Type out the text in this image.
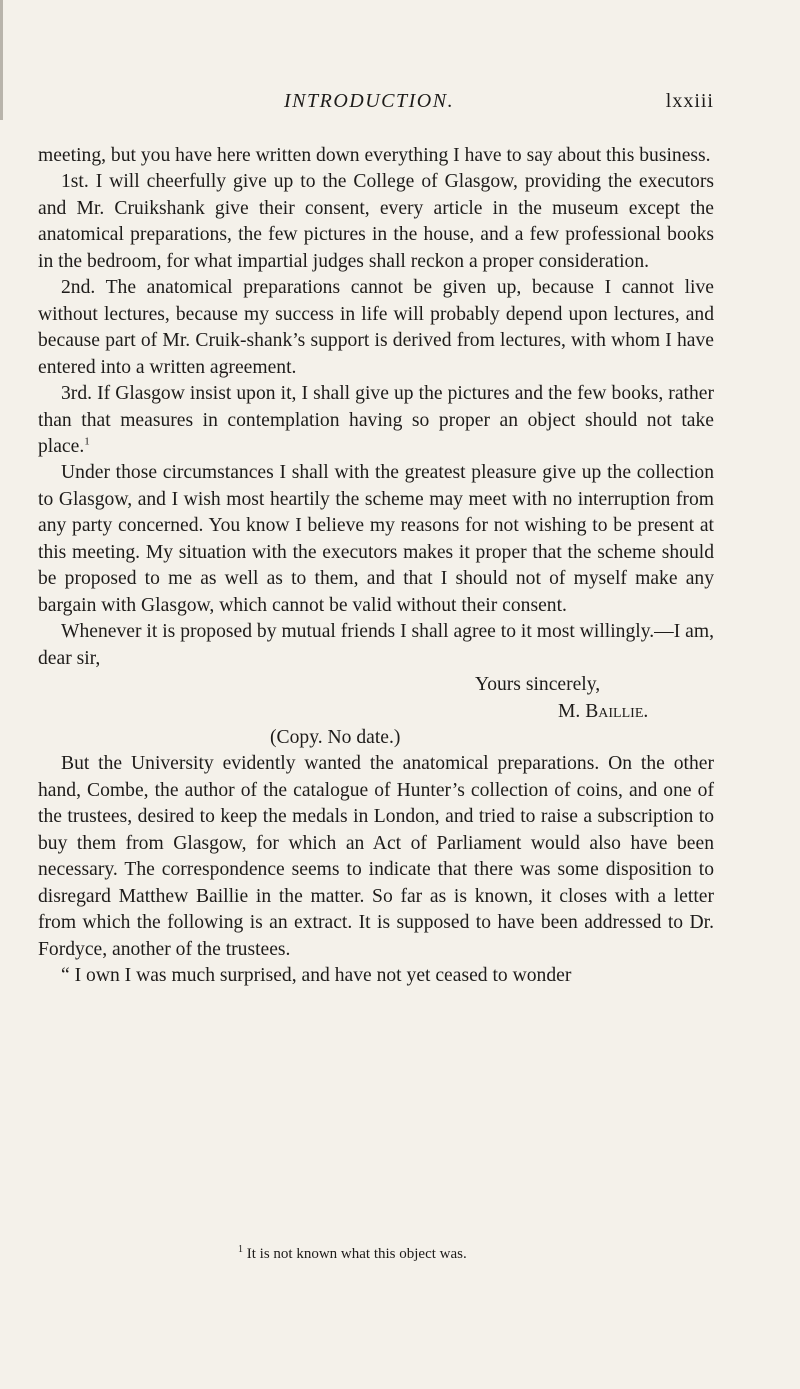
INTRODUCTION.	lxxiii

meeting, but you have here written down everything I have to say about this business.

1st. I will cheerfully give up to the College of Glasgow, providing the executors and Mr. Cruikshank give their consent, every article in the museum except the anatomical preparations, the few pictures in the house, and a few professional books in the bedroom, for what impartial judges shall reckon a proper consideration.

2nd. The anatomical preparations cannot be given up, because I cannot live without lectures, because my success in life will probably depend upon lectures, and because part of Mr. Cruik-shank’s support is derived from lectures, with whom I have entered into a written agreement.

3rd. If Glasgow insist upon it, I shall give up the pictures and the few books, rather than that measures in contemplation having so proper an object should not take place.$^1$

Under those circumstances I shall with the greatest pleasure give up the collection to Glasgow, and I wish most heartily the scheme may meet with no interruption from any party concerned. You know I believe my reasons for not wishing to be present at this meeting. My situation with the executors makes it proper that the scheme should be proposed to me as well as to them, and that I should not of myself make any bargain with Glasgow, which cannot be valid without their consent.

Whenever it is proposed by mutual friends I shall agree to it most willingly.—I am, dear sir,

Yours sincerely,
M. Baillie.
(Copy. No date.)

But the University evidently wanted the anatomical preparations. On the other hand, Combe, the author of the catalogue of Hunter’s collection of coins, and one of the trustees, desired to keep the medals in London, and tried to raise a subscription to buy them from Glasgow, for which an Act of Parliament would also have been necessary. The correspondence seems to indicate that there was some disposition to disregard Matthew Baillie in the matter. So far as is known, it closes with a letter from which the following is an extract. It is supposed to have been addressed to Dr. Fordyce, another of the trustees.

“ I own I was much surprised, and have not yet ceased to wonder

$^1$ It is not known what this object was.
